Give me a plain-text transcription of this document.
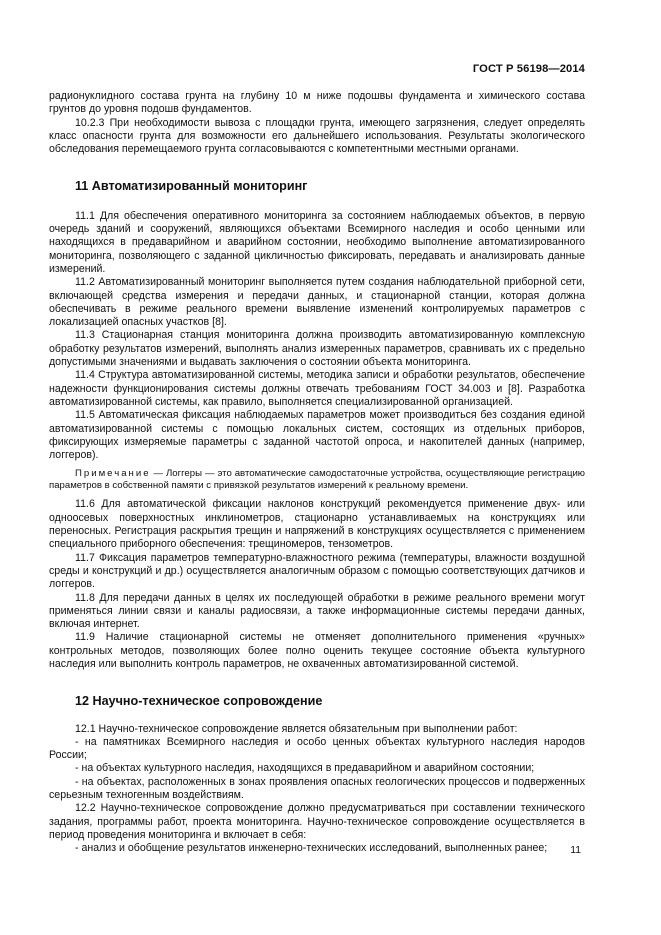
ГОСТ Р 56198—2014

радионуклидного состава грунта на глубину 10 м ниже подошвы фундамента и химического состава грунтов до уровня подошв фундаментов.

10.2.3 При необходимости вывоза с площадки грунта, имеющего загрязнения, следует определять класс опасности грунта для возможности его дальнейшего использования. Результаты экологического обследования перемещаемого грунта согласовываются с компетентными местными органами.

11 Автоматизированный мониторинг

11.1 Для обеспечения оперативного мониторинга за состоянием наблюдаемых объектов, в первую очередь зданий и сооружений, являющихся объектами Всемирного наследия и особо ценными или находящихся в предаварийном и аварийном состоянии, необходимо выполнение автоматизированного мониторинга, позволяющего с заданной цикличностью фиксировать, передавать и анализировать данные измерений.

11.2 Автоматизированный мониторинг выполняется путем создания наблюдательной приборной сети, включающей средства измерения и передачи данных, и стационарной станции, которая должна обеспечивать в режиме реального времени выявление изменений контролируемых параметров с локализацией опасных участков [8].

11.3 Стационарная станция мониторинга должна производить автоматизированную комплексную обработку результатов измерений, выполнять анализ измеренных параметров, сравнивать их с предельно допустимыми значениями и выдавать заключения о состоянии объекта мониторинга.

11.4 Структура автоматизированной системы, методика записи и обработки результатов, обеспечение надежности функционирования системы должны отвечать требованиям ГОСТ 34.003 и [8]. Разработка автоматизированной системы, как правило, выполняется специализированной организацией.

11.5 Автоматическая фиксация наблюдаемых параметров может производиться без создания единой автоматизированной системы с помощью локальных систем, состоящих из отдельных приборов, фиксирующих измеряемые параметры с заданной частотой опроса, и накопителей данных (например, логгеров).

Примечание — Логгеры — это автоматические самодостаточные устройства, осуществляющие регистрацию параметров в собственной памяти с привязкой результатов измерений к реальному времени.

11.6 Для автоматической фиксации наклонов конструкций рекомендуется применение двух- или одноосевых поверхностных инклинометров, стационарно устанавливаемых на конструкциях или переносных. Регистрация раскрытия трещин и напряжений в конструкциях осуществляется с применением специального приборного обеспечения: трещиномеров, тензометров.

11.7 Фиксация параметров температурно-влажностного режима (температуры, влажности воздушной среды и конструкций и др.) осуществляется аналогичным образом с помощью соответствующих датчиков и логгеров.

11.8 Для передачи данных в целях их последующей обработки в режиме реального времени могут применяться линии связи и каналы радиосвязи, а также информационные системы передачи данных, включая интернет.

11.9 Наличие стационарной системы не отменяет дополнительного применения «ручных» контрольных методов, позволяющих более полно оценить текущее состояние объекта культурного наследия или выполнить контроль параметров, не охваченных автоматизированной системой.

12 Научно-техническое сопровождение

12.1 Научно-техническое сопровождение является обязательным при выполнении работ:

- на памятниках Всемирного наследия и особо ценных объектах культурного наследия народов России;

- на объектах культурного наследия, находящихся в предаварийном и аварийном состоянии;

- на объектах, расположенных в зонах проявления опасных геологических процессов и подверженных серьезным техногенным воздействиям.

12.2 Научно-техническое сопровождение должно предусматриваться при составлении технического задания, программы работ, проекта мониторинга. Научно-техническое сопровождение осуществляется в период проведения мониторинга и включает в себя:

- анализ и обобщение результатов инженерно-технических исследований, выполненных ранее;	11
